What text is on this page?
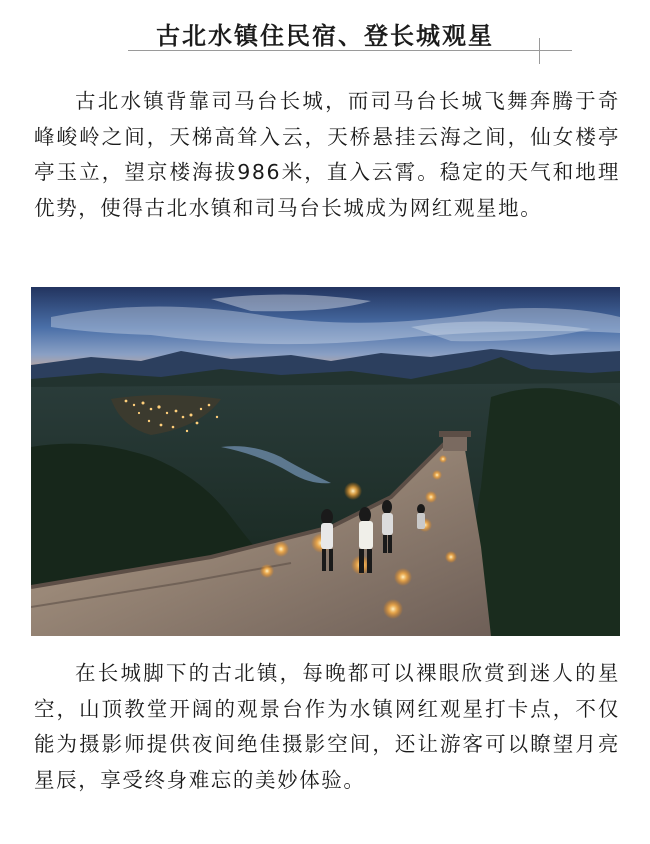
古北水镇住民宿、登长城观星

古北水镇背靠司马台长城，而司马台长城飞舞奔腾于奇峰峻岭之间，天梯高耸入云，天桥悬挂云海之间，仙女楼亭亭玉立，望京楼海拔986米，直入云霄。稳定的天气和地理优势，使得古北水镇和司马台长城成为网红观星地。

在长城脚下的古北镇，每晚都可以裸眼欣赏到迷人的星空，山顶教堂开阔的观景台作为水镇网红观星打卡点，不仅能为摄影师提供夜间绝佳摄影空间，还让游客可以瞭望月亮星辰，享受终身难忘的美妙体验。
